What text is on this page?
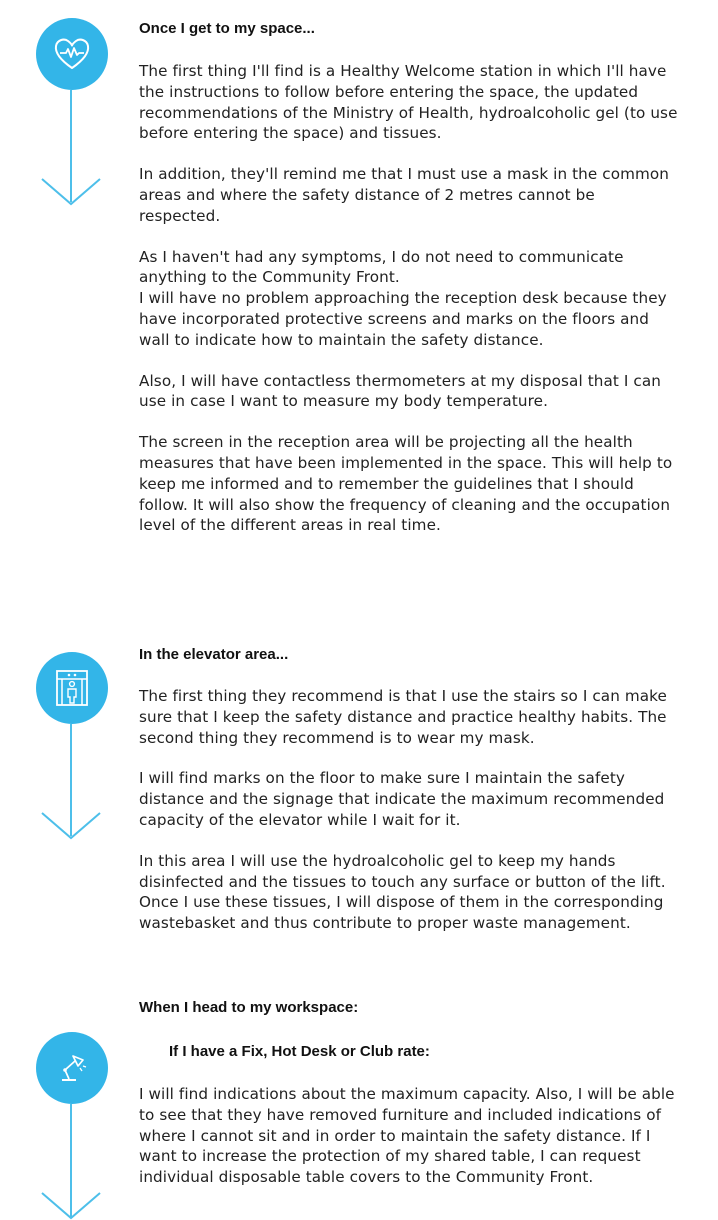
Once I get to my space...

The first thing I'll find is a Healthy Welcome station in which I'll have the instructions to follow before entering the space, the updated recommendations of the Ministry of Health, hydroalcoholic gel (to use before entering the space) and tissues.

In addition, they'll remind me that I must use a mask in the common areas and where the safety distance of 2 metres cannot be respected.

As I haven't had any symptoms, I do not need to communicate anything to the Community Front.
I will have no problem approaching the reception desk because they have incorporated protective screens and marks on the floors and wall to indicate how to maintain the safety distance.

Also, I will have contactless thermometers at my disposal that I can use in case I want to measure my body temperature.

The screen in the reception area will be projecting all the health measures that have been implemented in the space. This will help to keep me informed and to remember the guidelines that I should follow. It will also show the frequency of cleaning and the occupation level of the different areas in real time.

In the elevator area...

The first thing they recommend is that I use the stairs so I can make sure that I keep the safety distance and practice healthy habits. The second thing they recommend is to wear my mask.

I will find marks on the floor to make sure I maintain the safety distance and the signage that indicate the maximum recommended capacity of the elevator while I wait for it.

In this area I will use the hydroalcoholic gel to keep my hands disinfected and the tissues to touch any surface or button of the lift. Once I use these tissues, I will dispose of them in the corresponding wastebasket and thus contribute to proper waste management.

When I head to my workspace:
If I have a Fix, Hot Desk or Club rate:

I will find indications about the maximum capacity. Also, I will be able to see that they have removed furniture and included indications of where I cannot sit and in order to maintain the safety distance. If I want to increase the protection of my shared table, I can request individual disposable table covers to the Community Front.
